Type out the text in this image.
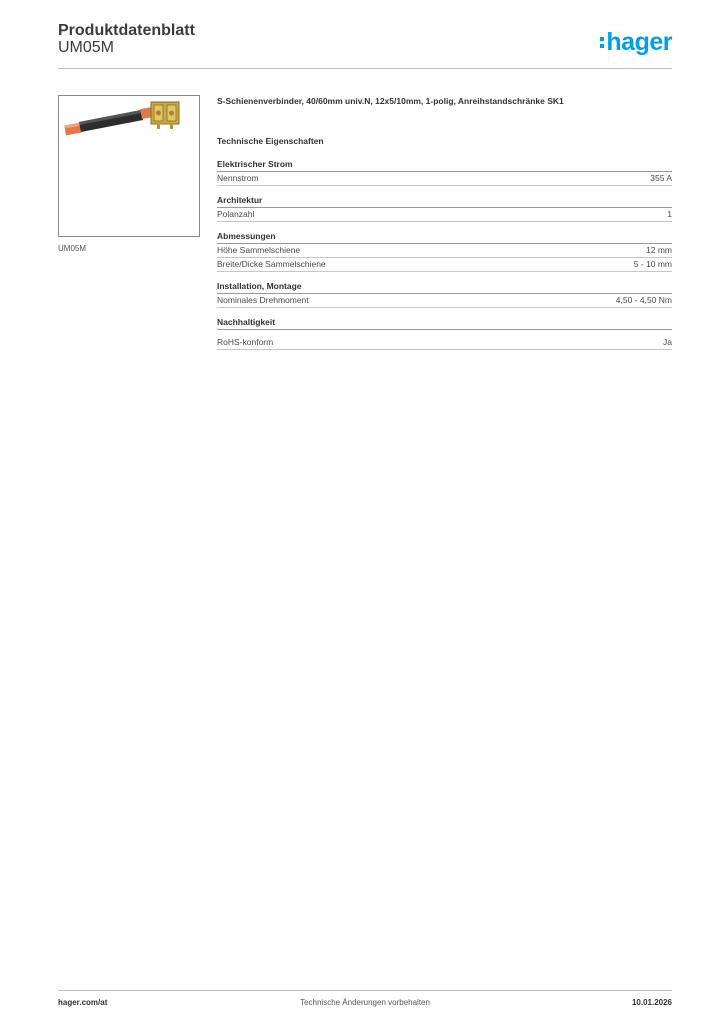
Produktdatenblatt
UM05M	hager
UM05M
S-Schienenverbinder, 40/60mm univ.N, 12x5/10mm, 1-polig, Anreihstandschränke SK1
Technische Eigenschaften
Elektrischer Strom
Nennstrom	355 A
Architektur
Polanzahl	1
Abmessungen
Höhe Sammelschiene	12 mm
Breite/Dicke Sammelschiene	5 - 10 mm
Installation, Montage
Nominales Drehmoment	4,50 - 4,50 Nm
Nachhaltigkeit
RoHS-konform	Ja
hager.com/at	Technische Änderungen vorbehalten	10.01.2026
